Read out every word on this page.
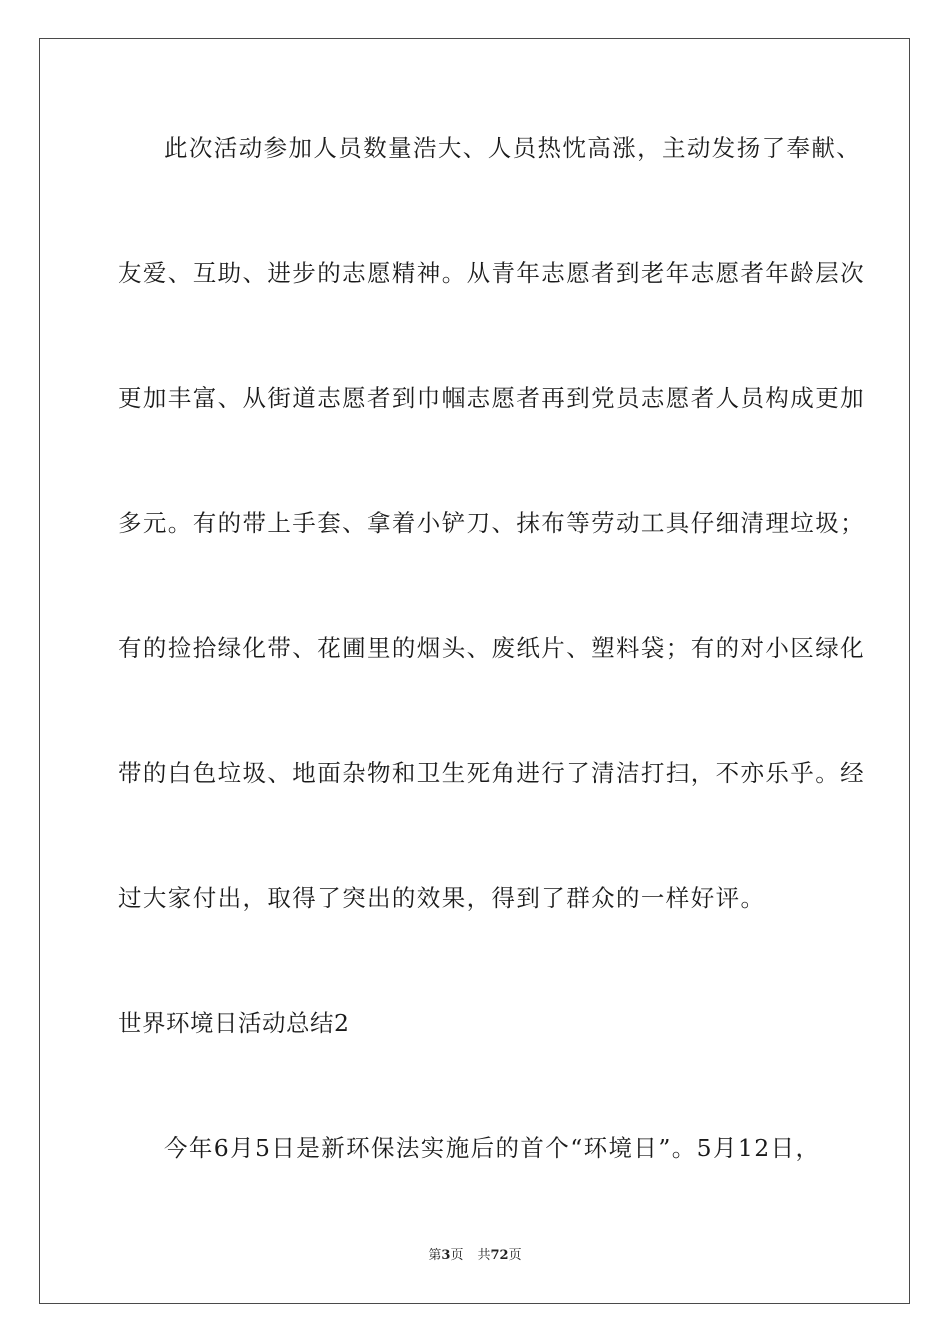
此次活动参加人员数量浩大、人员热忱高涨，主动发扬了奉献、
友爱、互助、进步的志愿精神。从青年志愿者到老年志愿者年龄层次
更加丰富、从街道志愿者到巾帼志愿者再到党员志愿者人员构成更加
多元。有的带上手套、拿着小铲刀、抹布等劳动工具仔细清理垃圾；
有的捡拾绿化带、花圃里的烟头、废纸片、塑料袋；有的对小区绿化
带的白色垃圾、地面杂物和卫生死角进行了清洁打扫，不亦乐乎。经
过大家付出，取得了突出的效果，得到了群众的一样好评。
世界环境日活动总结2
今年6月5日是新环保法实施后的首个“环境日”。5月12日，
第3页 共72页
